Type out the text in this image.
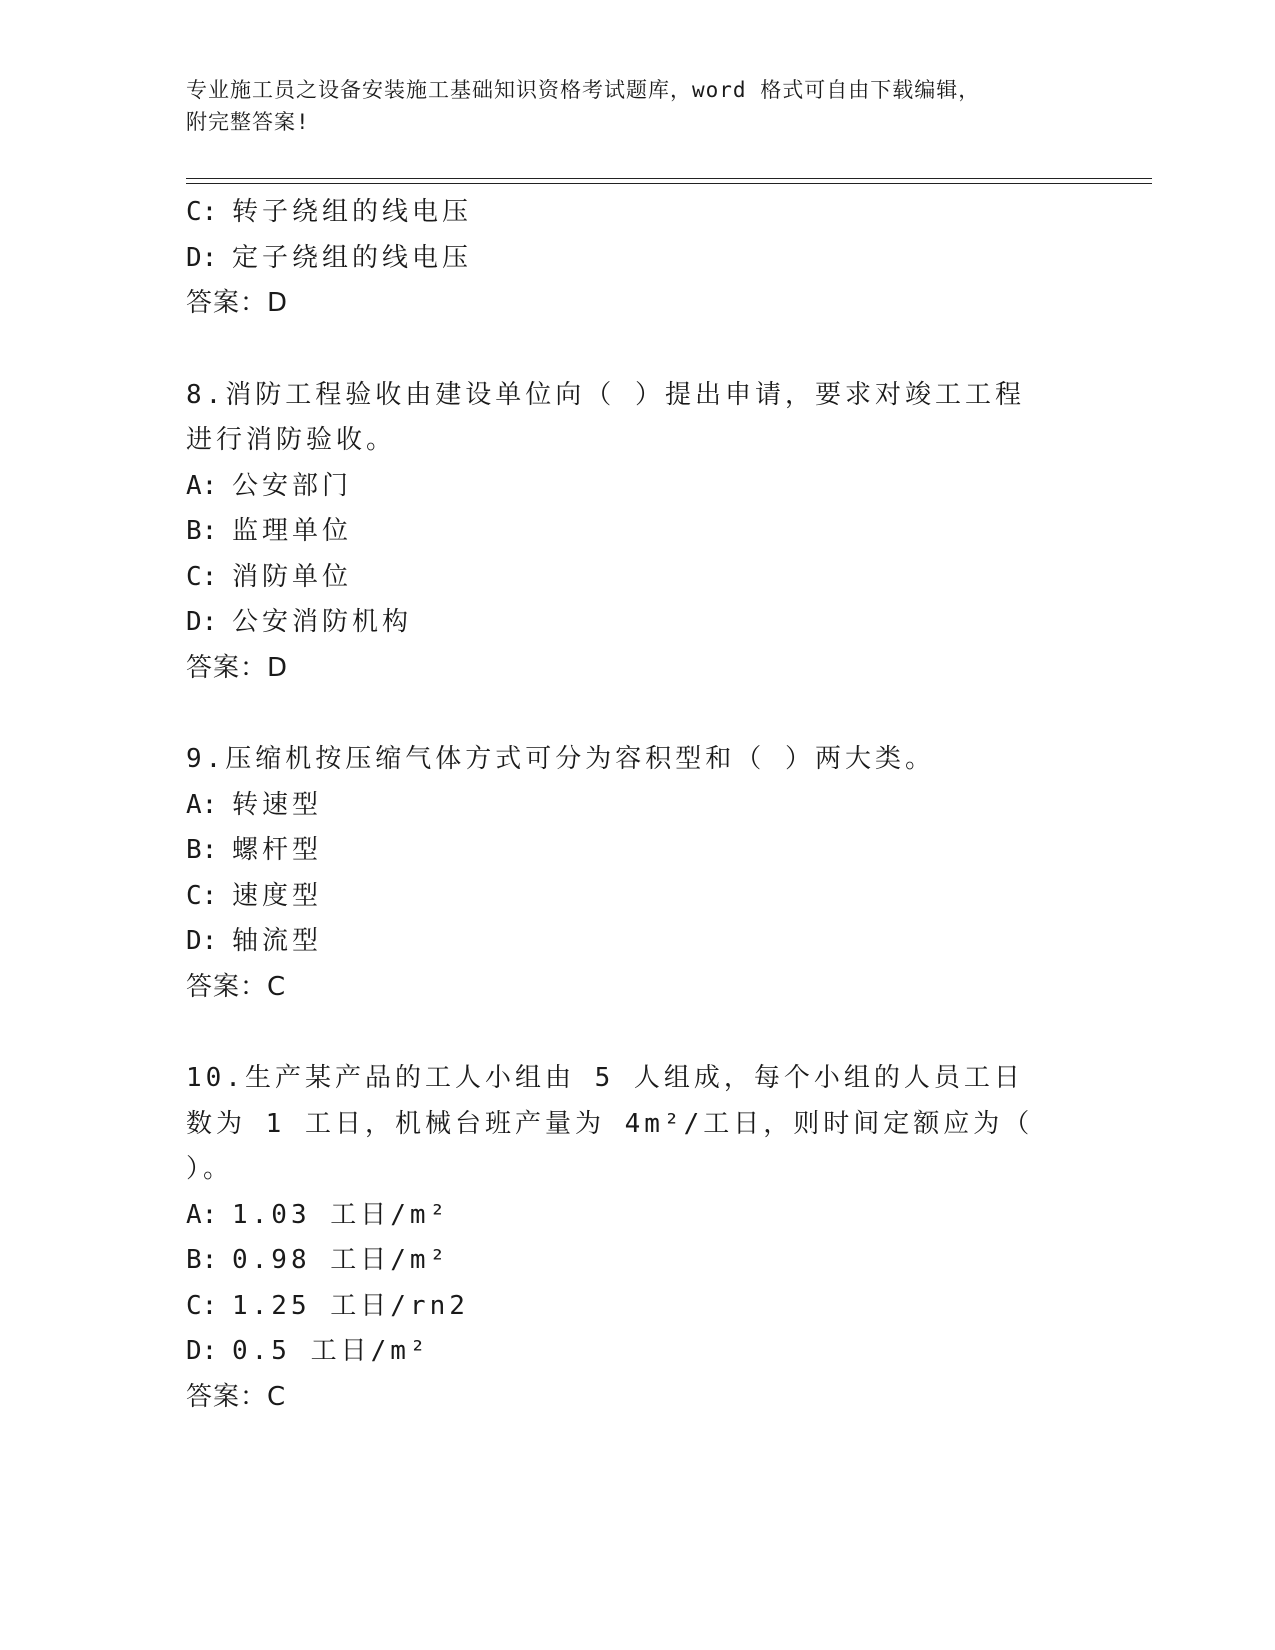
专业施工员之设备安装施工基础知识资格考试题库，word 格式可自由下载编辑，
附完整答案!
C: 转子绕组的线电压
D: 定子绕组的线电压
答案：D
8.消防工程验收由建设单位向（ ）提出申请，要求对竣工工程进行消防验收。
A: 公安部门
B: 监理单位
C: 消防单位
D: 公安消防机构
答案：D
9.压缩机按压缩气体方式可分为容积型和（ ）两大类。
A: 转速型
B: 螺杆型
C: 速度型
D: 轴流型
答案：C
10.生产某产品的工人小组由 5 人组成，每个小组的人员工日数为 1 工日，机械台班产量为 4m²/工日，则时间定额应为（ ）。
A: 1.03 工日/m²
B: 0.98 工日/m²
C: 1.25 工日/rn2
D: 0.5 工日/m²
答案：C
